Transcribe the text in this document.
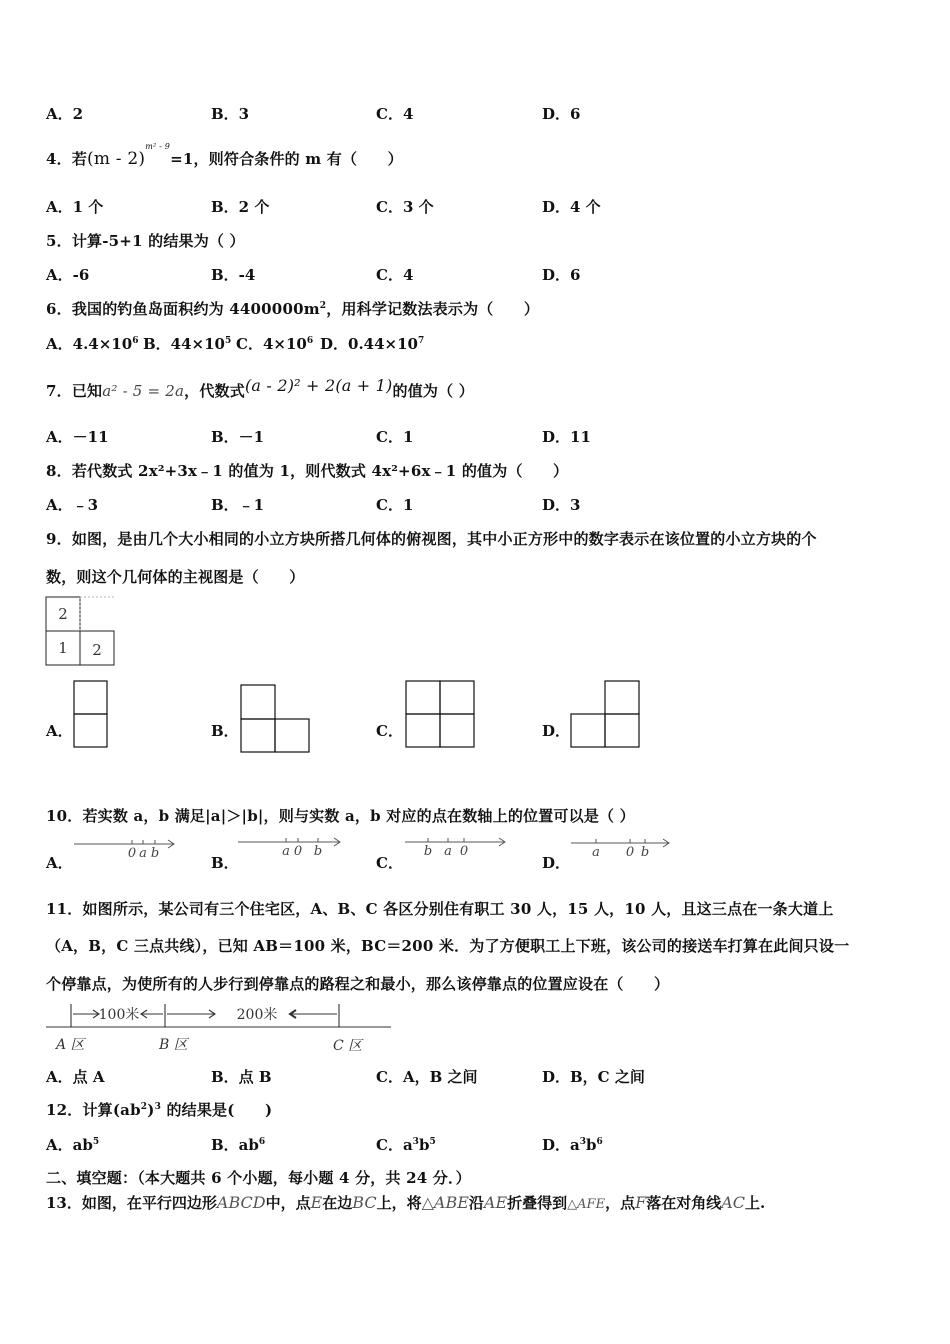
A．2	B．3	C．4	D．6
4．若(m - 2)$^{m^2 - 9}$=1，则符合条件的 m 有（　　）
A．1 个	B．2 个	C．3 个	D．4 个
5．计算-5+1 的结果为（ ）
A．-6	B．-4	C．4	D．6
6．我国的钓鱼岛面积约为 $4400000m^2$，用科学记数法表示为（　　）
A．$4.4\times 10^6$ B．$44\times 10^5$ C．$4\times 10^6$ D．$0.44\times 10^7$
7．已知a² - 5 = 2a，代数式(a - 2)² + 2(a + 1)的值为（ ）
A．－11	B．－1	C．1	D．11
8．若代数式 2x²+3x﹣1 的值为 1，则代数式 4x²+6x﹣1 的值为（　　）
A．﹣3	B．﹣1	C．1	D．3
9．如图，是由几个大小相同的小立方块所搭几何体的俯视图，其中小正方形中的数字表示在该位置的小立方块的个
数，则这个几何体的主视图是（　　）
2
1 2
A．	B．	C．	D．
10．若实数 a，b 满足|a|＞|b|，则与实数 a，b 对应的点在数轴上的位置可以是（ ）
A．	B．	C．	D．
0 a b	a 0 b	b a 0	a 0 b
11．如图所示，某公司有三个住宅区，A、B、C 各区分别住有职工 30 人，15 人，10 人，且这三点在一条大道上
（A，B，C 三点共线），已知 AB＝100 米，BC＝200 米．为了方便职工上下班，该公司的接送车打算在此间只设一
个停靠点，为使所有的人步行到停靠点的路程之和最小，那么该停靠点的位置应设在（　　）
100米	200米
A 区	B 区	C 区
A．点 A	B．点 B	C．A，B 之间	D．B，C 之间
12．计算$(ab^2)^3$ 的结果是(　　)
A．$ab^5$	B．$ab^6$	C．$a^3b^5$	D．$a^3b^6$
二、填空题：（本大题共 6 个小题，每小题 4 分，共 24 分．）
13．如图，在平行四边形ABCD中，点E在边BC上，将△ABE沿AE折叠得到△AFE，点F落在对角线AC上.
